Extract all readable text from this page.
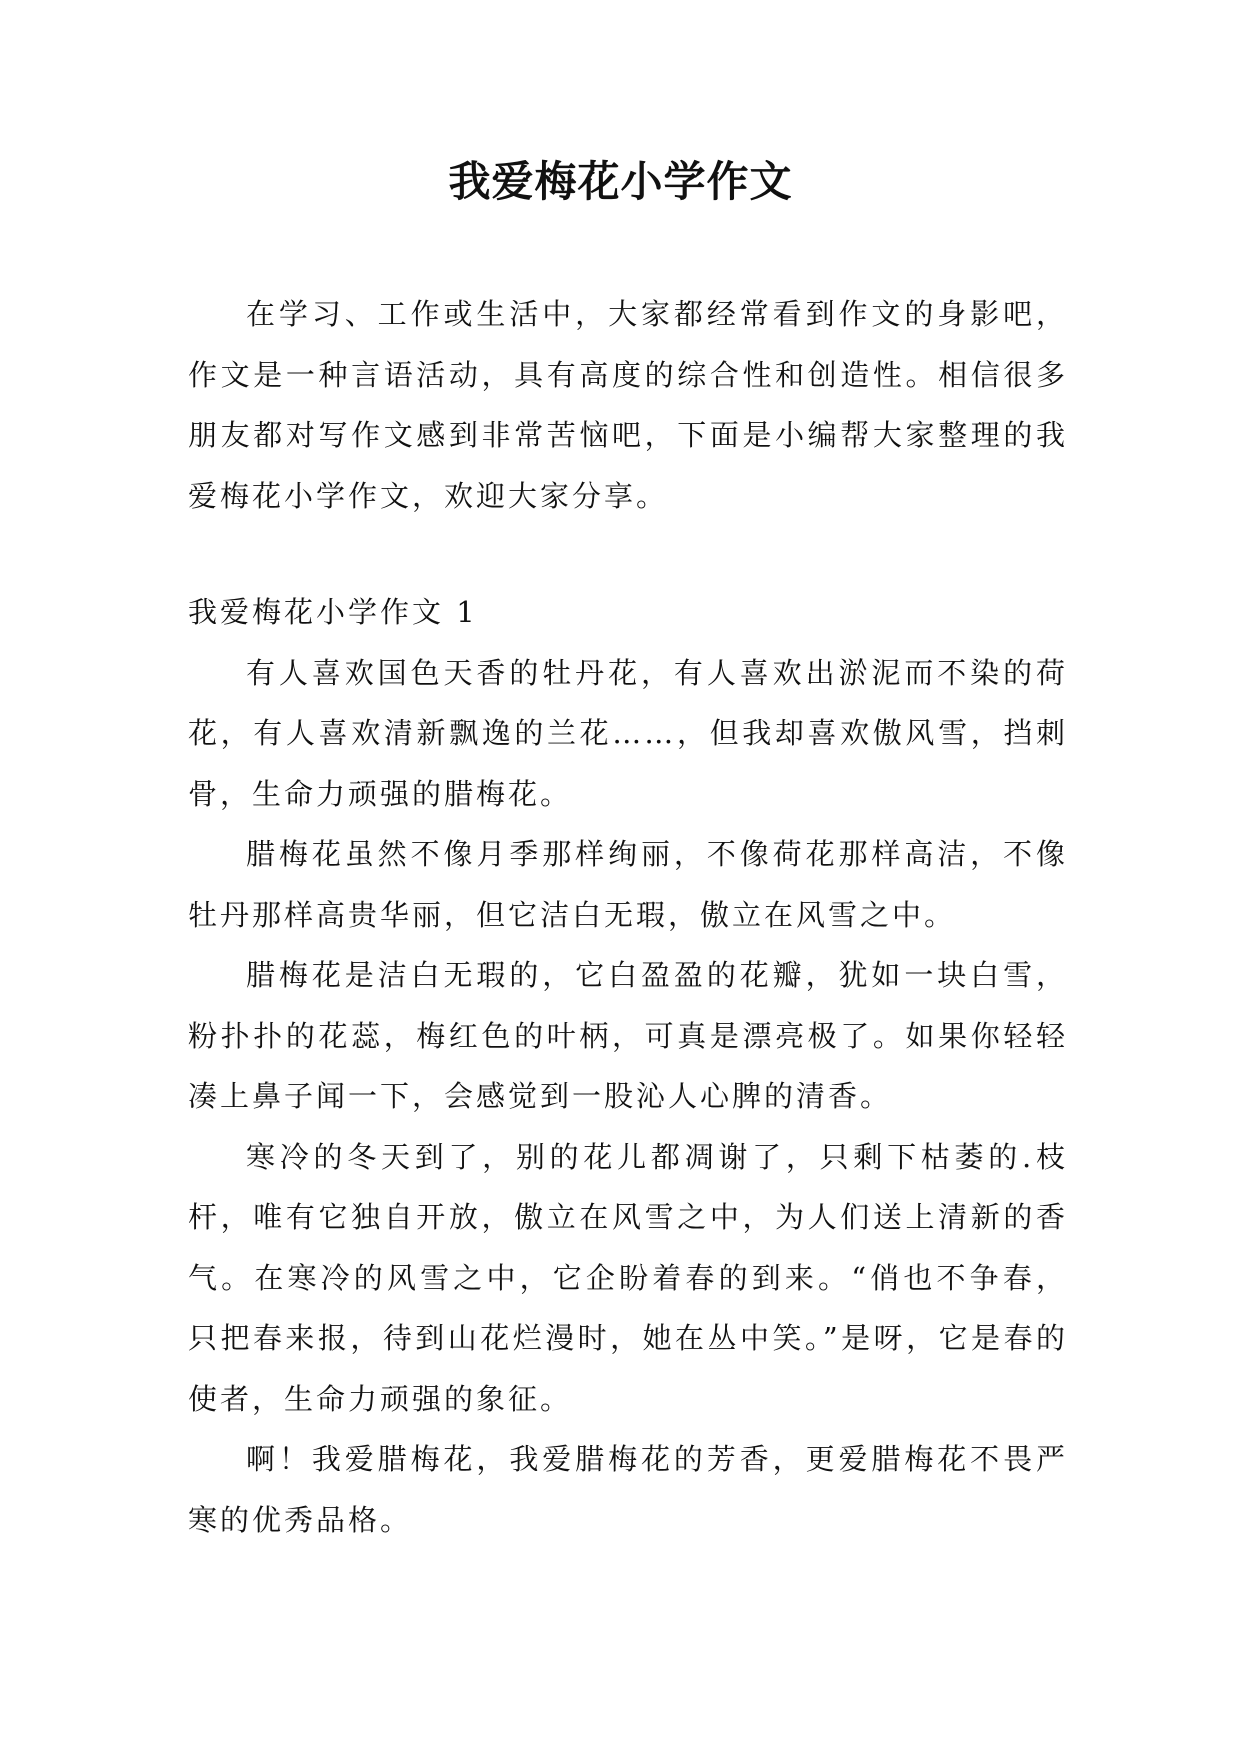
我爱梅花小学作文

在学习、工作或生活中，大家都经常看到作文的身影吧，作文是一种言语活动，具有高度的综合性和创造性。相信很多朋友都对写作文感到非常苦恼吧，下面是小编帮大家整理的我爱梅花小学作文，欢迎大家分享。

我爱梅花小学作文 1

有人喜欢国色天香的牡丹花，有人喜欢出淤泥而不染的荷花，有人喜欢清新飘逸的兰花……，但我却喜欢傲风雪，挡刺骨，生命力顽强的腊梅花。

腊梅花虽然不像月季那样绚丽，不像荷花那样高洁，不像牡丹那样高贵华丽，但它洁白无瑕，傲立在风雪之中。

腊梅花是洁白无瑕的，它白盈盈的花瓣，犹如一块白雪，粉扑扑的花蕊，梅红色的叶柄，可真是漂亮极了。如果你轻轻凑上鼻子闻一下，会感觉到一股沁人心脾的清香。

寒冷的冬天到了，别的花儿都凋谢了，只剩下枯萎的.枝杆，唯有它独自开放，傲立在风雪之中，为人们送上清新的香气。在寒冷的风雪之中，它企盼着春的到来。“俏也不争春，只把春来报，待到山花烂漫时，她在丛中笑。”是呀，它是春的使者，生命力顽强的象征。

啊！我爱腊梅花，我爱腊梅花的芳香，更爱腊梅花不畏严寒的优秀品格。
